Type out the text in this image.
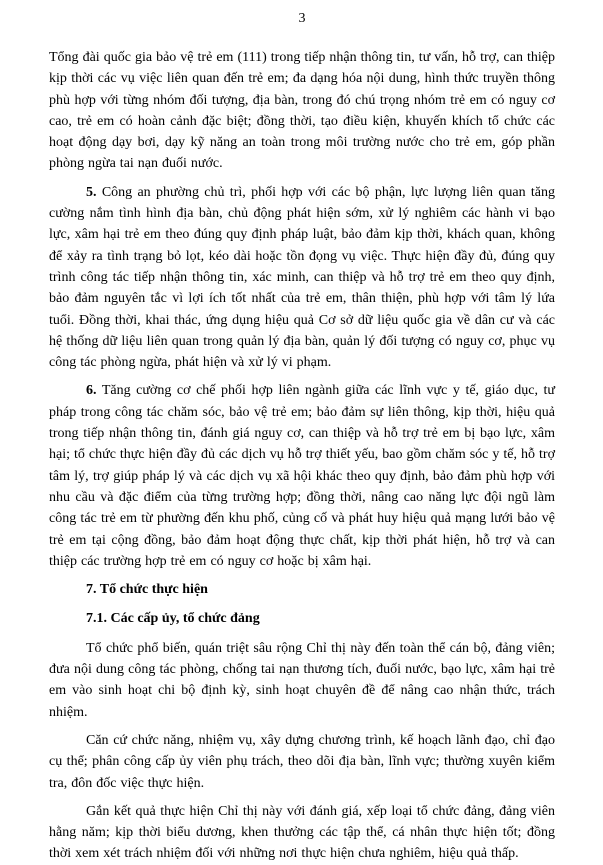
3

Tổng đài quốc gia bảo vệ trẻ em (111) trong tiếp nhận thông tin, tư vấn, hỗ trợ, can thiệp kịp thời các vụ việc liên quan đến trẻ em; đa dạng hóa nội dung, hình thức truyền thông phù hợp với từng nhóm đối tượng, địa bàn, trong đó chú trọng nhóm trẻ em có nguy cơ cao, trẻ em có hoàn cảnh đặc biệt; đồng thời, tạo điều kiện, khuyến khích tổ chức các hoạt động dạy bơi, dạy kỹ năng an toàn trong môi trường nước cho trẻ em, góp phần phòng ngừa tai nạn đuối nước.

5. Công an phường chủ trì, phối hợp với các bộ phận, lực lượng liên quan tăng cường nắm tình hình địa bàn, chủ động phát hiện sớm, xử lý nghiêm các hành vi bạo lực, xâm hại trẻ em theo đúng quy định pháp luật, bảo đảm kịp thời, khách quan, không để xảy ra tình trạng bỏ lọt, kéo dài hoặc tồn đọng vụ việc. Thực hiện đầy đủ, đúng quy trình công tác tiếp nhận thông tin, xác minh, can thiệp và hỗ trợ trẻ em theo quy định, bảo đảm nguyên tắc vì lợi ích tốt nhất của trẻ em, thân thiện, phù hợp với tâm lý lứa tuổi. Đồng thời, khai thác, ứng dụng hiệu quả Cơ sở dữ liệu quốc gia về dân cư và các hệ thống dữ liệu liên quan trong quản lý địa bàn, quản lý đối tượng có nguy cơ, phục vụ công tác phòng ngừa, phát hiện và xử lý vi phạm.

6. Tăng cường cơ chế phối hợp liên ngành giữa các lĩnh vực y tế, giáo dục, tư pháp trong công tác chăm sóc, bảo vệ trẻ em; bảo đảm sự liên thông, kịp thời, hiệu quả trong tiếp nhận thông tin, đánh giá nguy cơ, can thiệp và hỗ trợ trẻ em bị bạo lực, xâm hại; tổ chức thực hiện đầy đủ các dịch vụ hỗ trợ thiết yếu, bao gồm chăm sóc y tế, hỗ trợ tâm lý, trợ giúp pháp lý và các dịch vụ xã hội khác theo quy định, bảo đảm phù hợp với nhu cầu và đặc điểm của từng trường hợp; đồng thời, nâng cao năng lực đội ngũ làm công tác trẻ em từ phường đến khu phố, củng cố và phát huy hiệu quả mạng lưới bảo vệ trẻ em tại cộng đồng, bảo đảm hoạt động thực chất, kịp thời phát hiện, hỗ trợ và can thiệp các trường hợp trẻ em có nguy cơ hoặc bị xâm hại.

7. Tổ chức thực hiện
7.1. Các cấp ủy, tổ chức đảng

Tổ chức phổ biến, quán triệt sâu rộng Chỉ thị này đến toàn thể cán bộ, đảng viên; đưa nội dung công tác phòng, chống tai nạn thương tích, đuối nước, bạo lực, xâm hại trẻ em vào sinh hoạt chi bộ định kỳ, sinh hoạt chuyên đề để nâng cao nhận thức, trách nhiệm.

Căn cứ chức năng, nhiệm vụ, xây dựng chương trình, kế hoạch lãnh đạo, chỉ đạo cụ thể; phân công cấp ủy viên phụ trách, theo dõi địa bàn, lĩnh vực; thường xuyên kiểm tra, đôn đốc việc thực hiện.

Gắn kết quả thực hiện Chỉ thị này với đánh giá, xếp loại tổ chức đảng, đảng viên hằng năm; kịp thời biểu dương, khen thưởng các tập thể, cá nhân thực hiện tốt; đồng thời xem xét trách nhiệm đối với những nơi thực hiện chưa nghiêm, hiệu quả thấp.
